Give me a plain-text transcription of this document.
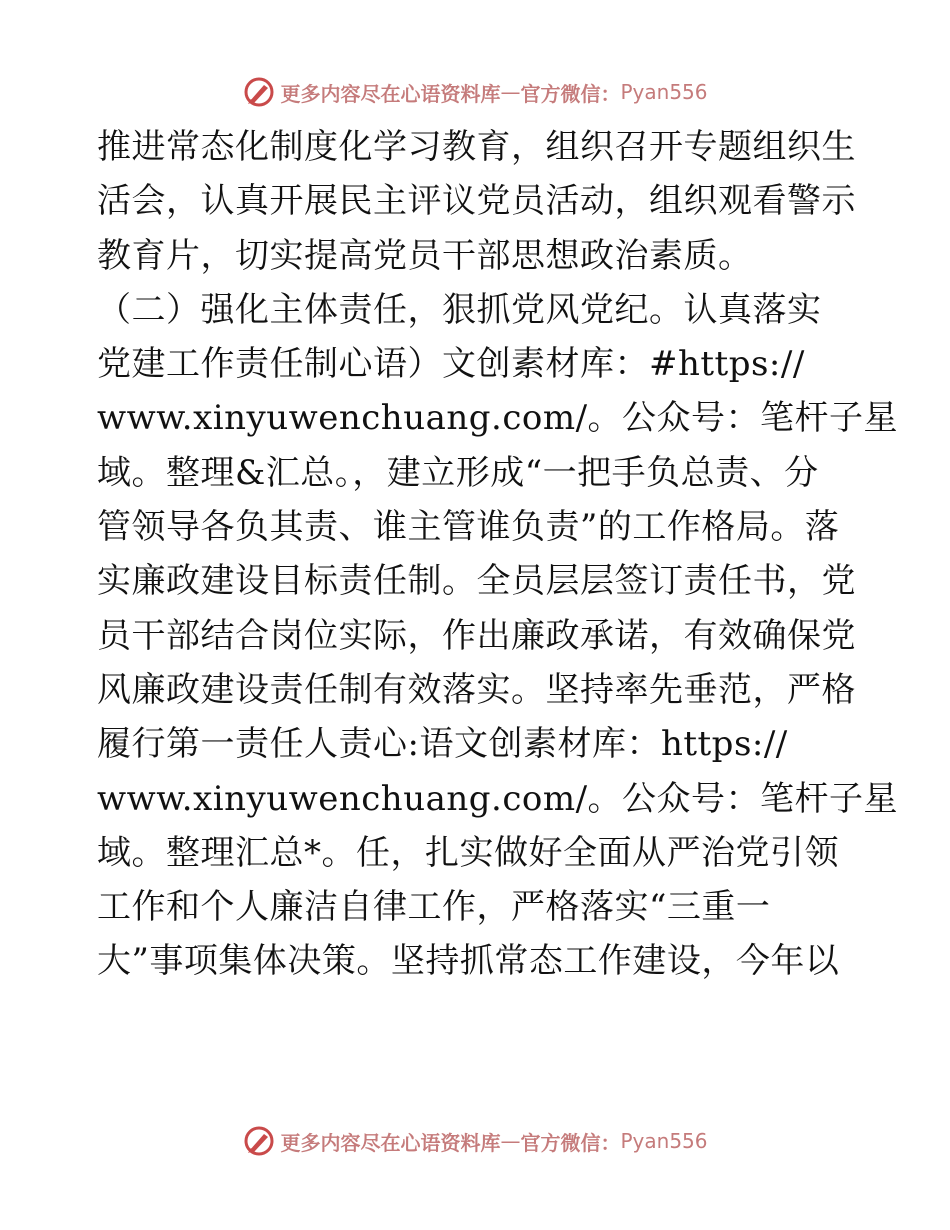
更多内容尽在心语资料库 — 官方微信： Pyan556
推进常态化制度化学习教育，组织召开专题组织生
活会，认真开展民主评议党员活动，组织观看警示
教育片，切实提高党员干部思想政治素质。
（二）强化主体责任，狠抓党风党纪。认真落实
党建工作责任制心语）文创素材库：#https://
www.xinyuwenchuang.com/。公众号：笔杆子星
域。整理&汇总。，建立形成“一把手负总责、分
管领导各负其责、谁主管谁负责”的工作格局。落
实廉政建设目标责任制。全员层层签订责任书，党
员干部结合岗位实际，作出廉政承诺，有效确保党
风廉政建设责任制有效落实。坚持率先垂范，严格
履行第一责任人责心:语文创素材库：https://
www.xinyuwenchuang.com/。公众号：笔杆子星
域。整理汇总*。任，扎实做好全面从严治党引领
工作和个人廉洁自律工作，严格落实“三重一
大”事项集体决策。坚持抓常态工作建设，今年以
更多内容尽在心语资料库 — 官方微信： Pyan556
